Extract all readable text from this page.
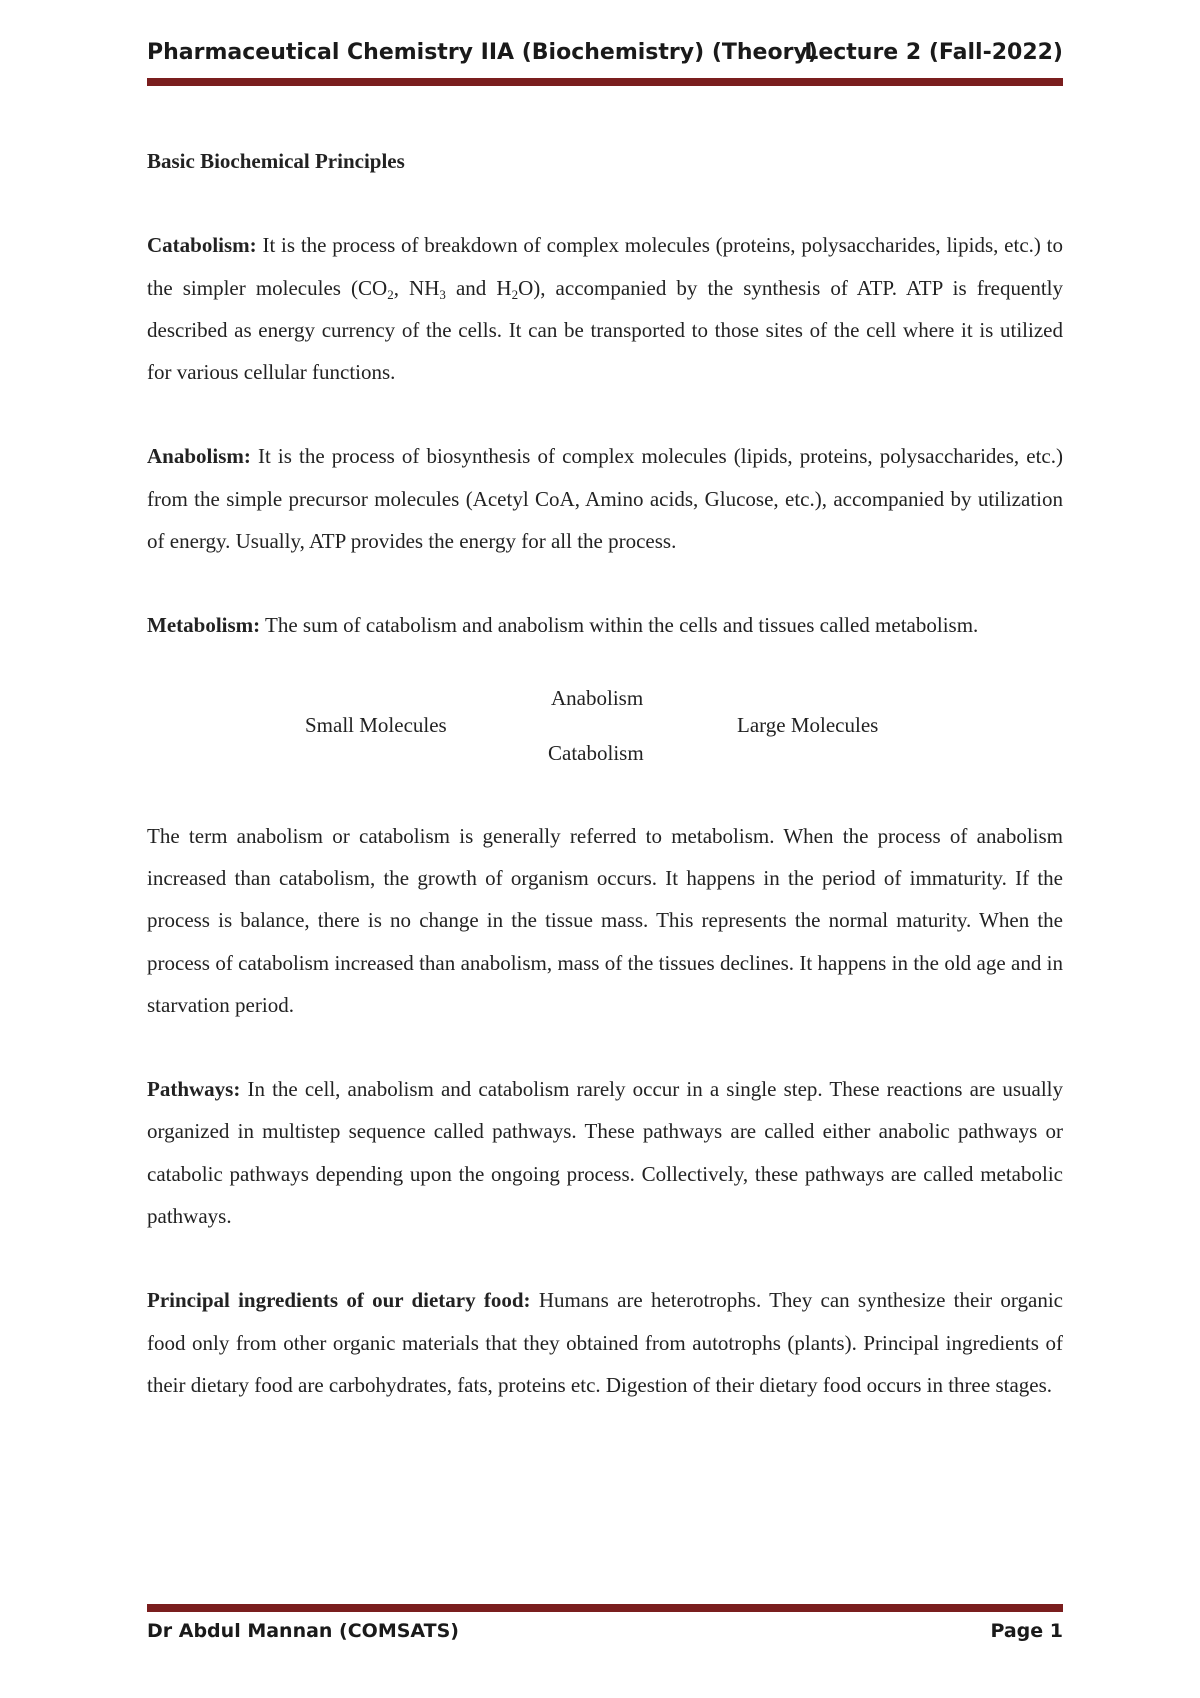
Pharmaceutical Chemistry IIA (Biochemistry) (Theory)
Lecture 2 (Fall-2022)

Basic Biochemical Principles

Catabolism: It is the process of breakdown of complex molecules (proteins, polysaccharides, lipids, etc.) to the simpler molecules ($CO_2$, $NH_3$ and $H_2O$), accompanied by the synthesis of ATP. ATP is frequently described as energy currency of the cells. It can be transported to those sites of the cell where it is utilized for various cellular functions.

Anabolism: It is the process of biosynthesis of complex molecules (lipids, proteins, polysaccharides, etc.) from the simple precursor molecules (Acetyl CoA, Amino acids, Glucose, etc.), accompanied by utilization of energy. Usually, ATP provides the energy for all the process.

Metabolism: The sum of catabolism and anabolism within the cells and tissues called metabolism.

Small Molecules
Anabolism
Catabolism
Large Molecules

The term anabolism or catabolism is generally referred to metabolism. When the process of anabolism increased than catabolism, the growth of organism occurs. It happens in the period of immaturity. If the process is balance, there is no change in the tissue mass. This represents the normal maturity. When the process of catabolism increased than anabolism, mass of the tissues declines. It happens in the old age and in starvation period.

Pathways: In the cell, anabolism and catabolism rarely occur in a single step. These reactions are usually organized in multistep sequence called pathways. These pathways are called either anabolic pathways or catabolic pathways depending upon the ongoing process. Collectively, these pathways are called metabolic pathways.

Principal ingredients of our dietary food: Humans are heterotrophs. They can synthesize their organic food only from other organic materials that they obtained from autotrophs (plants). Principal ingredients of their dietary food are carbohydrates, fats, proteins etc. Digestion of their dietary food occurs in three stages.

Dr Abdul Mannan (COMSATS)	Page 1
